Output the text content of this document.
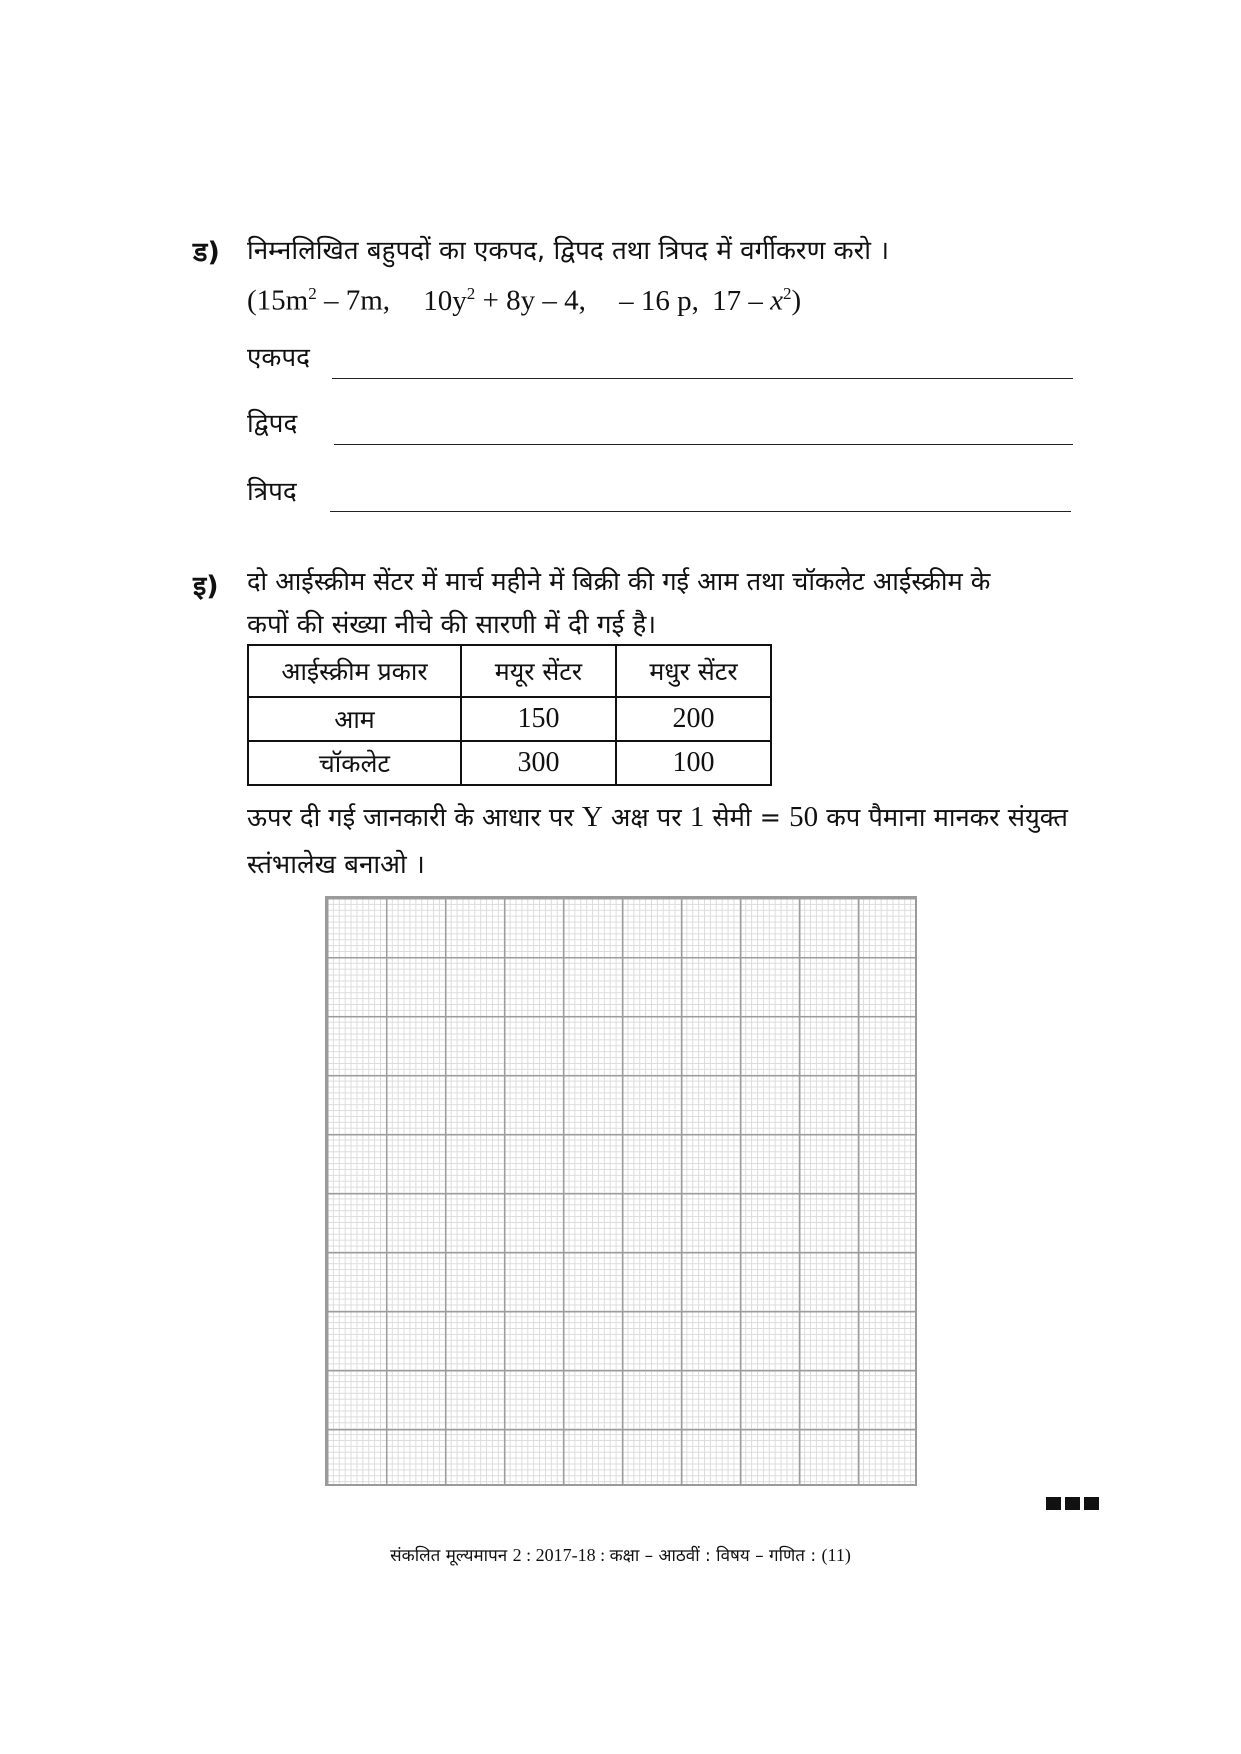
ड) निम्नलिखित बहुपदों का एकपद, द्विपद तथा त्रिपद में वर्गीकरण करो ।
($15m^2 - 7m$, $10y^2 + 8y - 4$, – 16 p, $17 - x^2$)
एकपद
द्विपद
त्रिपद
इ) दो आईस्क्रीम सेंटर में मार्च महीने में बिक्री की गई आम तथा चॉकलेट आईस्क्रीम के
कपों की संख्या नीचे की सारणी में दी गई है।
आईस्क्रीम प्रकार	मयूर सेंटर	मधुर सेंटर
आम	150	200
चॉकलेट	300	100
ऊपर दी गई जानकारी के आधार पर Y अक्ष पर 1 सेमी = 50 कप पैमाना मानकर संयुक्त
स्तंभालेख बनाओ ।
संकलित मूल्यमापन 2 : 2017-18 : कक्षा – आठवीं : विषय – गणित : (11)
